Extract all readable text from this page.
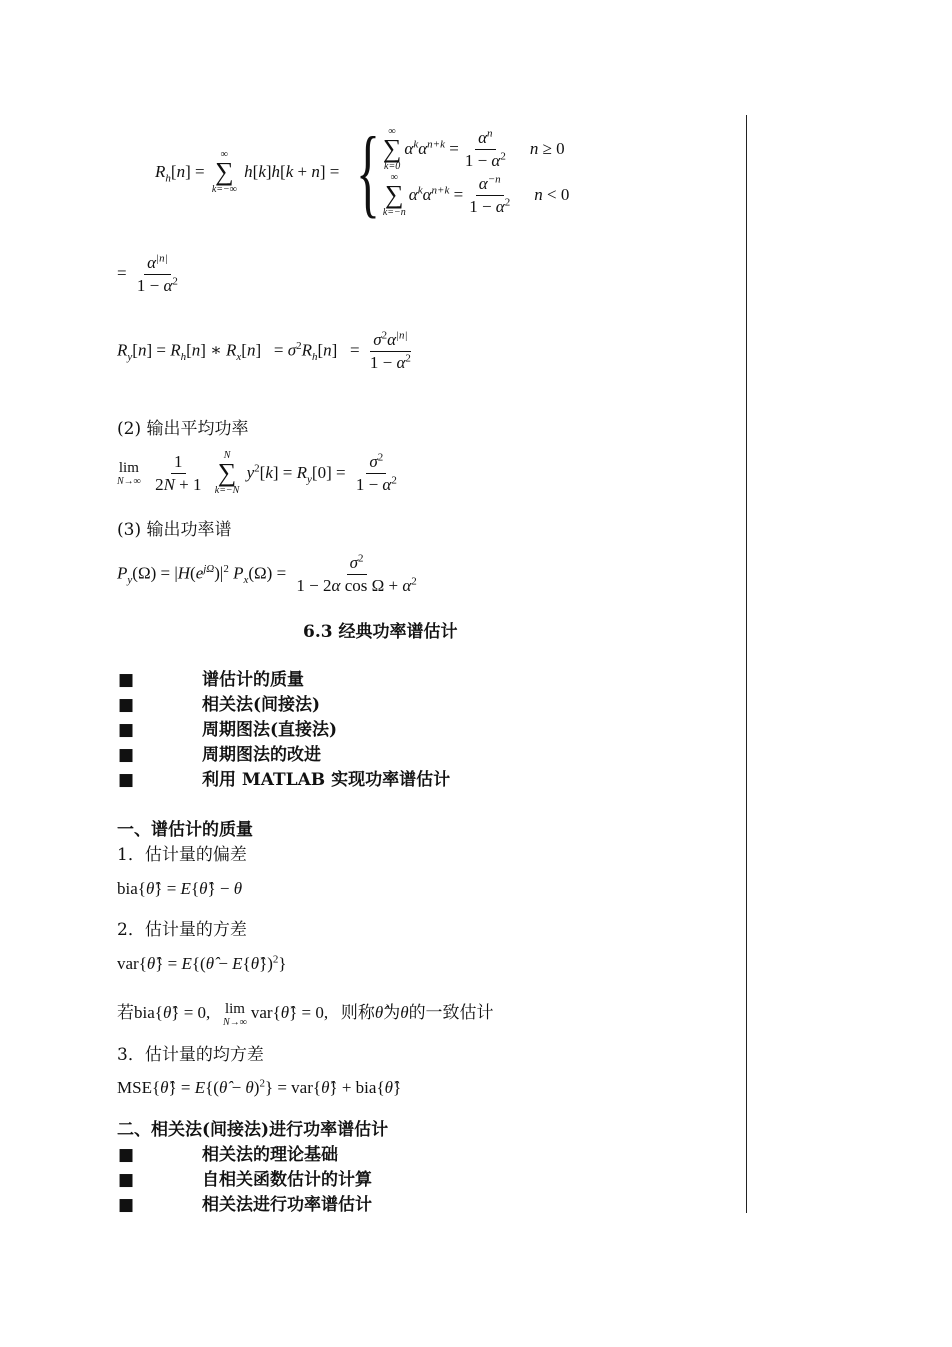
$R_h[n]$ =
∞
∑
k=−∞
h[k]h[k + n] = { ∞
∑
k=0
$\alpha^k\alpha^{n+k} = \frac{\alpha^n}{1 - \alpha^2}$ n ≥ 0
∞
∑
k=−n
$\alpha^k\alpha^{n+k} = \frac{\alpha^{-n}}{1 - \alpha^2}$ n < 0
= $\frac{\alpha^{|n|}}{1 - \alpha^2}$
$R_y[n] = R_h[n]$ ∗ $R_x[n] = \sigma^2R_h[n] = \frac{\sigma^2\alpha^{|n|}}{1 - \alpha^2}$
(2) 输出平均功率
lim
N→∞
$\frac{1}{2N + 1}$
N
∑
k=−N
$y^2[k] = R_y[0] = \frac{\sigma^2}{1 - \alpha^2}$
(3) 输出功率谱
$P_y(\Omega) = |H(e^{j\Omega})|^2$ $P_x(\Omega) = \frac{\sigma^2}{1 - 2\alpha \cos \Omega + \alpha^2}$
6.3 经典功率谱估计
■	谱估计的质量
■	相关法(间接法)
■	周期图法(直接法)
■	周期图法的改进
■	利用 MATLAB 实现功率谱估计
一、谱估计的质量
1．估计量的偏差
bia{θ̂} = E{θ̂} − θ
2．估计量的方差
var{θ̂} = E{(θ̂ − E{θ̂})$^2$}
若bia{θ̂} = 0, lim
N→∞
var{θ̂} = 0,   则称θ̂为θ的一致估计
3．估计量的均方差
MSE{θ̂} = E{(θ̂ − θ)$^2$} = var{θ̂} + bia{θ̂}
二、相关法(间接法)进行功率谱估计
■	相关法的理论基础
■	自相关函数估计的计算
■	相关法进行功率谱估计
